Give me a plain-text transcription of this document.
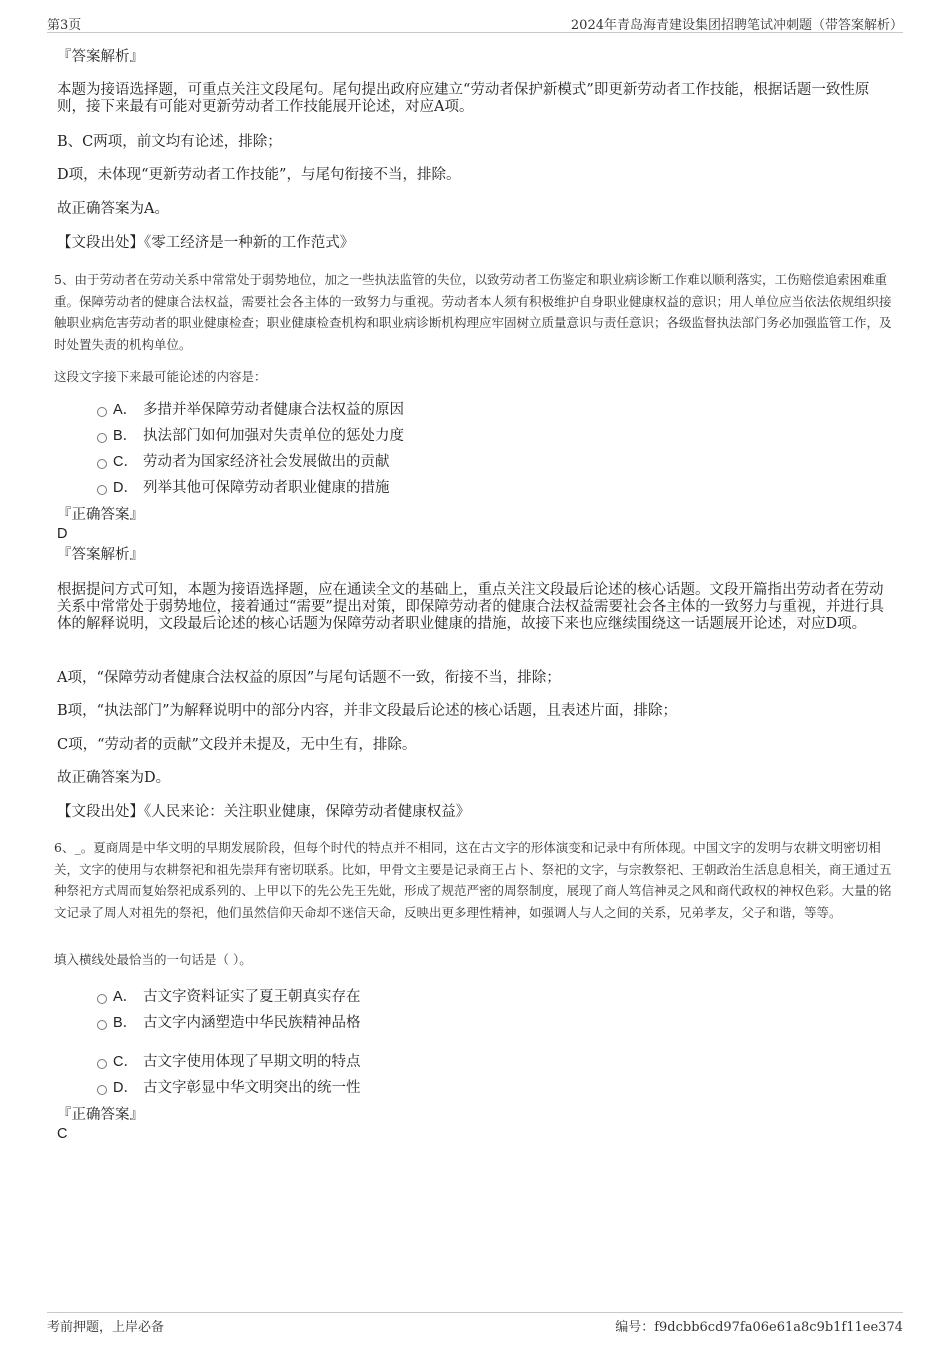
第3页	2024年青岛海青建设集团招聘笔试冲刺题（带答案解析）

『答案解析』

本题为接语选择题，可重点关注文段尾句。尾句提出政府应建立“劳动者保护新模式”即更新劳动者工作技能，根据话题一致性原则，接下来最有可能对更新劳动者工作技能展开论述，对应A项。

B、C两项，前文均有论述，排除；

D项，未体现“更新劳动者工作技能”，与尾句衔接不当，排除。

故正确答案为A。

【文段出处】《零工经济是一种新的工作范式》

5、由于劳动者在劳动关系中常常处于弱势地位，加之一些执法监管的失位，以致劳动者工伤鉴定和职业病诊断工作难以顺利落实，工伤赔偿追索困难重重。保障劳动者的健康合法权益，需要社会各主体的一致努力与重视。劳动者本人须有积极维护自身职业健康权益的意识；用人单位应当依法依规组织接触职业病危害劳动者的职业健康检查；职业健康检查机构和职业病诊断机构理应牢固树立质量意识与责任意识；各级监督执法部门务必加强监管工作，及时处置失责的机构单位。

这段文字接下来最可能论述的内容是：

A． 多措并举保障劳动者健康合法权益的原因
B． 执法部门如何加强对失责单位的惩处力度
C． 劳动者为国家经济社会发展做出的贡献
D． 列举其他可保障劳动者职业健康的措施

『正确答案』

D

『答案解析』

根据提问方式可知，本题为接语选择题，应在通读全文的基础上，重点关注文段最后论述的核心话题。文段开篇指出劳动者在劳动关系中常常处于弱势地位，接着通过“需要”提出对策，即保障劳动者的健康合法权益需要社会各主体的一致努力与重视，并进行具体的解释说明，文段最后论述的核心话题为保障劳动者职业健康的措施，故接下来也应继续围绕这一话题展开论述，对应D项。

A项，“保障劳动者健康合法权益的原因”与尾句话题不一致，衔接不当，排除；

B项，“执法部门”为解释说明中的部分内容，并非文段最后论述的核心话题，且表述片面，排除；

C项，“劳动者的贡献”文段并未提及，无中生有，排除。

故正确答案为D。

【文段出处】《人民来论：关注职业健康，保障劳动者健康权益》

6、_。夏商周是中华文明的早期发展阶段，但每个时代的特点并不相同，这在古文字的形体演变和记录中有所体现。中国文字的发明与农耕文明密切相关，文字的使用与农耕祭祀和祖先崇拜有密切联系。比如，甲骨文主要是记录商王占卜、祭祀的文字，与宗教祭祀、王朝政治生活息息相关，商王通过五种祭祀方式周而复始祭祀成系列的、上甲以下的先公先王先妣，形成了规范严密的周祭制度，展现了商人笃信神灵之风和商代政权的神权色彩。大量的铭文记录了周人对祖先的祭祀，他们虽然信仰天命却不迷信天命，反映出更多理性精神，如强调人与人之间的关系，兄弟孝友，父子和谐，等等。

填入横线处最恰当的一句话是（ ）。

A． 古文字资料证实了夏王朝真实存在
B． 古文字内涵塑造中华民族精神品格
C． 古文字使用体现了早期文明的特点
D． 古文字彰显中华文明突出的统一性

『正确答案』

C

考前押题，上岸必备	编号：f9dcbb6cd97fa06e61a8c9b1f11ee374
